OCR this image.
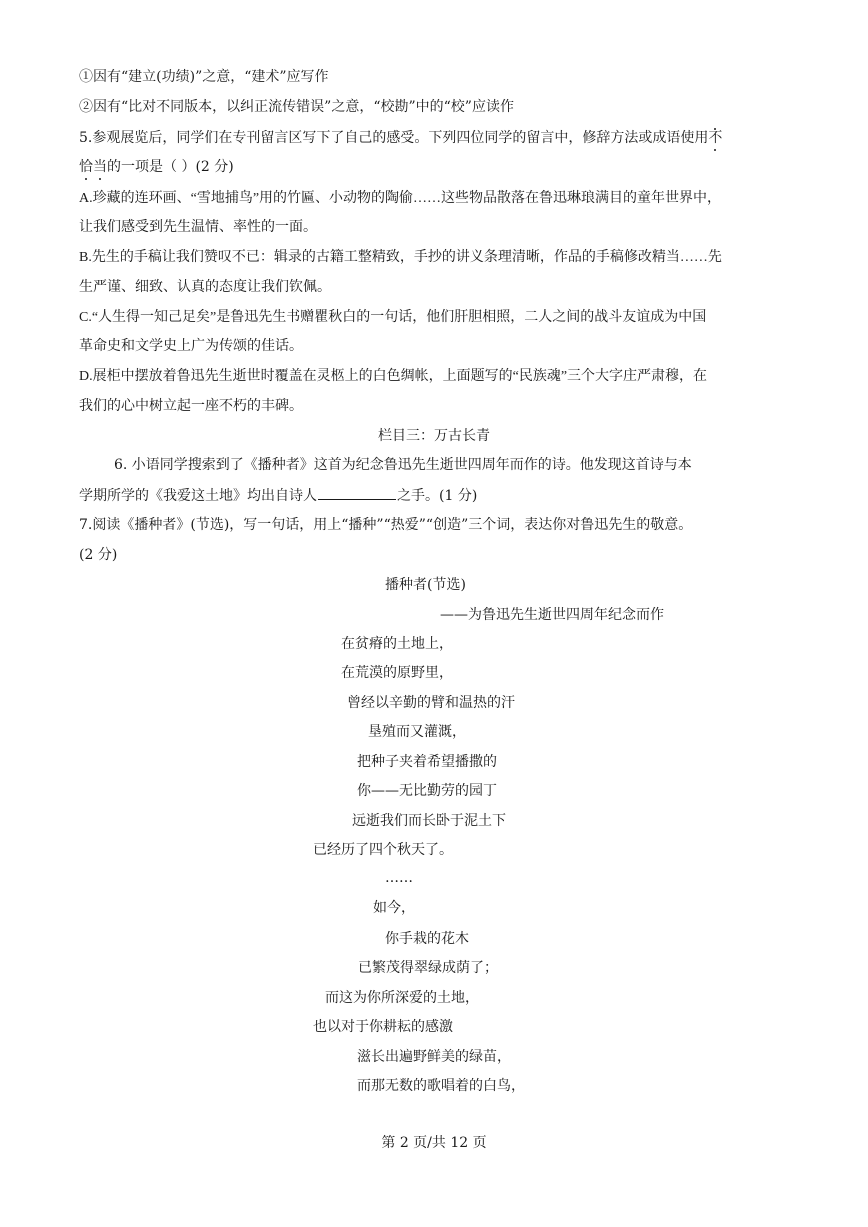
①因有“建立(功绩)”之意，“建术”应写作
②因有“比对不同版本，以纠正流传错误”之意，“校勘”中的“校”应读作
5.参观展览后，同学们在专刊留言区写下了自己的感受。下列四位同学的留言中，修辞方法或成语使用不
恰当的一项是（ ）(2 分)
A.珍藏的连环画、“雪地捕鸟”用的竹匾、小动物的陶偷……这些物品散落在鲁迅琳琅满目的童年世界中，
让我们感受到先生温情、率性的一面。
B.先生的手稿让我们赞叹不已：辑录的古籍工整精致，手抄的讲义条理清晰，作品的手稿修改精当……先
生严谨、细致、认真的态度让我们钦佩。
C.“人生得一知己足矣”是鲁迅先生书赠瞿秋白的一句话，他们肝胆相照，二人之间的战斗友谊成为中国
革命史和文学史上广为传颂的佳话。
D.展柜中摆放着鲁迅先生逝世时覆盖在灵柩上的白色绸帐，上面题写的“民族魂”三个大字庄严肃穆，在
我们的心中树立起一座不朽的丰碑。
栏目三：万古长青
6. 小语同学搜索到了《播种者》这首为纪念鲁迅先生逝世四周年而作的诗。他发现这首诗与本
学期所学的《我爱这土地》均出自诗人	之手。(1 分)
7.阅读《播种者》(节选)，写一句话，用上“播种”“热爱”“创造”三个词，表达你对鲁迅先生的敬意。
(2 分)
播种者(节选)
——为鲁迅先生逝世四周年纪念而作
在贫瘠的土地上，
在荒漠的原野里，
曾经以辛勤的臂和温热的汗
垦殖而又灌溉，
把种子夹着希望播撒的
你——无比勤劳的园丁
远逝我们而长卧于泥土下
已经历了四个秋天了。
……
如今，
你手栽的花木
已繁茂得翠绿成荫了；
而这为你所深爱的土地，
也以对于你耕耘的感激
滋长出遍野鲜美的绿苗，
而那无数的歌唱着的白鸟，
第 2 页/共 12 页
